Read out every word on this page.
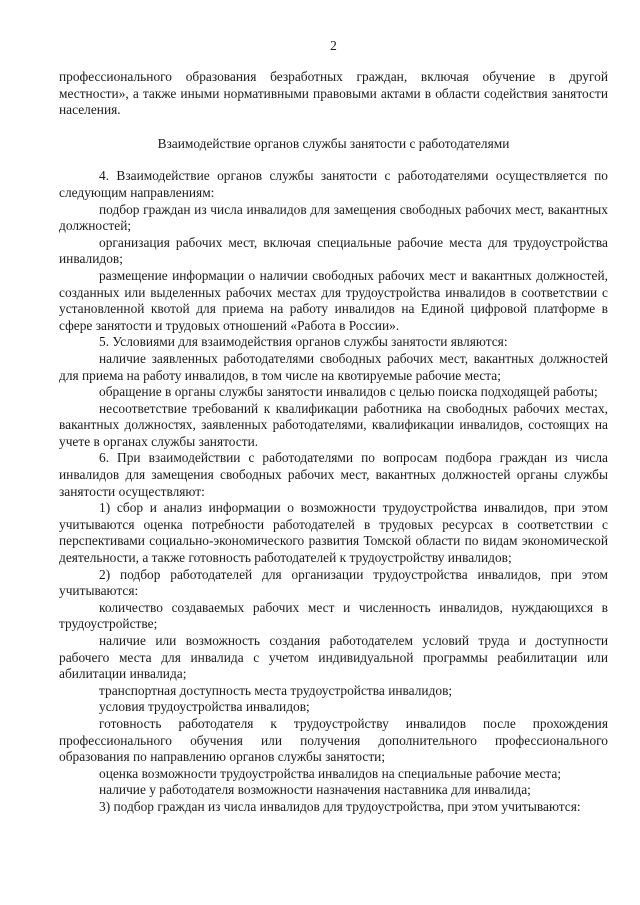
2

профессионального образования безработных граждан, включая обучение в другой местности», а также иными нормативными правовыми актами в области содействия занятости населения.

Взаимодействие органов службы занятости с работодателями

4. Взаимодействие органов службы занятости с работодателями осуществляется по следующим направлениям:

подбор граждан из числа инвалидов для замещения свободных рабочих мест, вакантных должностей;

организация рабочих мест, включая специальные рабочие места для трудоустройства инвалидов;

размещение информации о наличии свободных рабочих мест и вакантных должностей, созданных или выделенных рабочих местах для трудоустройства инвалидов в соответствии с установленной квотой для приема на работу инвалидов на Единой цифровой платформе в сфере занятости и трудовых отношений «Работа в России».

5. Условиями для взаимодействия органов службы занятости являются:

наличие заявленных работодателями свободных рабочих мест, вакантных должностей для приема на работу инвалидов, в том числе на квотируемые рабочие места;

обращение в органы службы занятости инвалидов с целью поиска подходящей работы;

несоответствие требований к квалификации работника на свободных рабочих местах, вакантных должностях, заявленных работодателями, квалификации инвалидов, состоящих на учете в органах службы занятости.

6. При взаимодействии с работодателями по вопросам подбора граждан из числа инвалидов для замещения свободных рабочих мест, вакантных должностей органы службы занятости осуществляют:

1) сбор и анализ информации о возможности трудоустройства инвалидов, при этом учитываются оценка потребности работодателей в трудовых ресурсах в соответствии с перспективами социально-экономического развития Томской области по видам экономической деятельности, а также готовность работодателей к трудоустройству инвалидов;

2) подбор работодателей для организации трудоустройства инвалидов, при этом учитываются:

количество создаваемых рабочих мест и численность инвалидов, нуждающихся в трудоустройстве;

наличие или возможность создания работодателем условий труда и доступности рабочего места для инвалида с учетом индивидуальной программы реабилитации или абилитации инвалида;

транспортная доступность места трудоустройства инвалидов;

условия трудоустройства инвалидов;

готовность работодателя к трудоустройству инвалидов после прохождения профессионального обучения или получения дополнительного профессионального образования по направлению органов службы занятости;

оценка возможности трудоустройства инвалидов на специальные рабочие места;

наличие у работодателя возможности назначения наставника для инвалида;

3) подбор граждан из числа инвалидов для трудоустройства, при этом учитываются:
